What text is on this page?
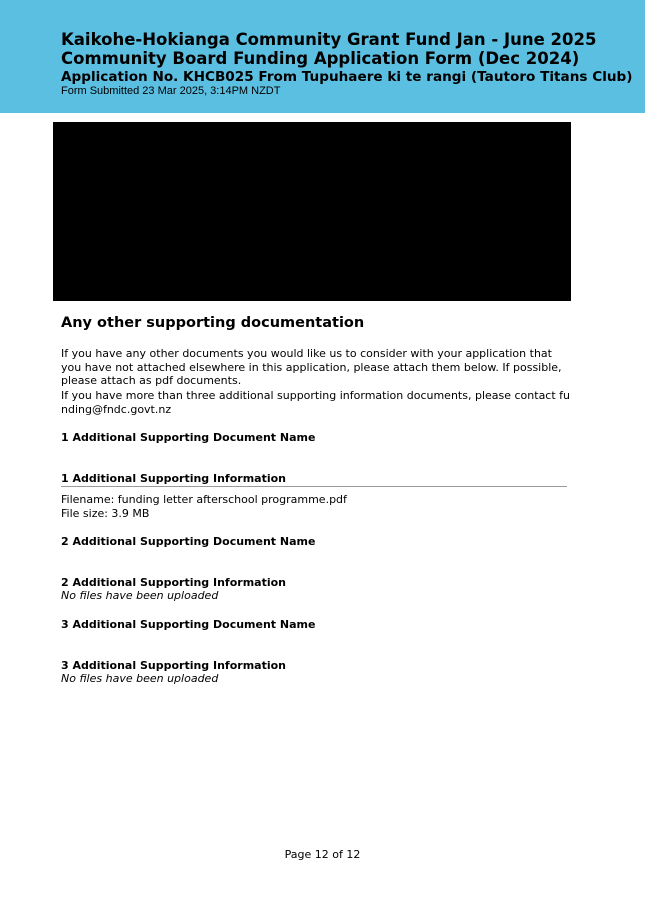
Kaikohe-Hokianga Community Grant Fund Jan - June 2025
Community Board Funding Application Form (Dec 2024)
Application No. KHCB025 From Tupuhaere ki te rangi (Tautoro Titans Club)
Form Submitted 23 Mar 2025, 3:14PM NZDT
Any other supporting documentation
If you have any other documents you would like us to consider with your application that
you have not attached elsewhere in this application, please attach them below. If possible,
please attach as pdf documents.
If you have more than three additional supporting information documents, please contact fu
nding@fndc.govt.nz
1 Additional Supporting Document Name
1 Additional Supporting Information
Filename: funding letter afterschool programme.pdf
File size: 3.9 MB
2 Additional Supporting Document Name
2 Additional Supporting Information
No files have been uploaded
3 Additional Supporting Document Name
3 Additional Supporting Information
No files have been uploaded
Page 12 of 12
